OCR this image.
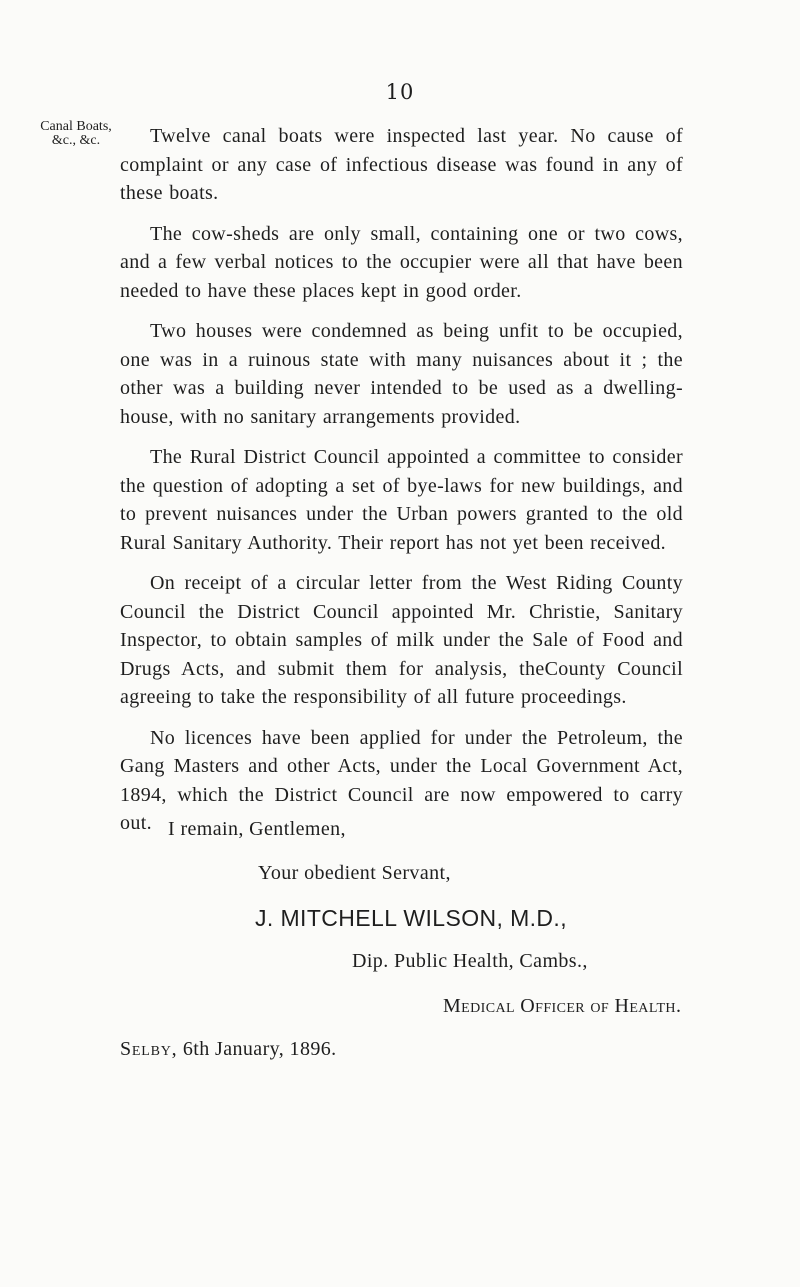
10
Canal Boats,
&c., &c.	Twelve canal boats were inspected last year. No cause of complaint or any case of infectious disease was found in any of these boats.

The cow-sheds are only small, containing one or two cows, and a few verbal notices to the occupier were all that have been needed to have these places kept in good order.

Two houses were condemned as being unfit to be occupied, one was in a ruinous state with many nuisances about it ; the other was a building never intended to be used as a dwelling-house, with no sanitary arrangements provided.

The Rural District Council appointed a committee to consider the question of adopting a set of bye-laws for new buildings, and to prevent nuisances under the Urban powers granted to the old Rural Sanitary Authority. Their report has not yet been received.

On receipt of a circular letter from the West Riding County Council the District Council appointed Mr. Christie, Sanitary Inspector, to obtain samples of milk under the Sale of Food and Drugs Acts, and submit them for analysis, theCounty Council agreeing to take the responsibility of all future proceedings.

No licences have been applied for under the Petroleum, the Gang Masters and other Acts, under the Local Government Act, 1894, which the District Council are now empowered to carry out. I remain, Gentlemen,
Your obedient Servant,
J. MITCHELL WILSON, M.D.,
Dip. Public Health, Cambs.,
Medical Officer of Health.
Selby, 6th January, 1896.
